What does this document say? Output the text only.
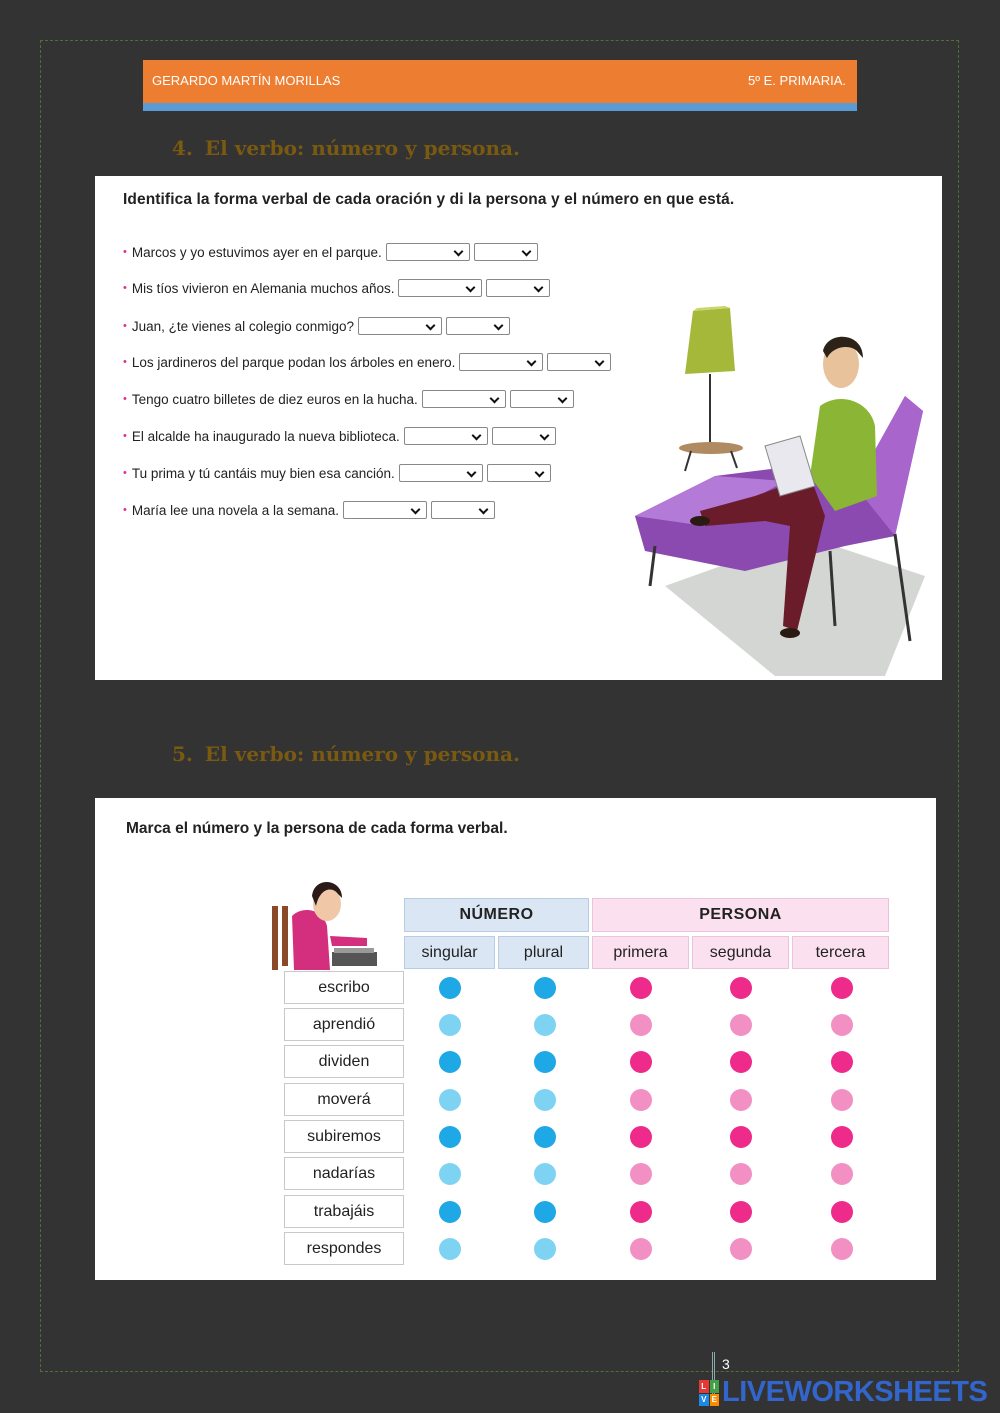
GERARDO MARTÍN MORILLAS	5º E. PRIMARIA.
4. El verbo: número y persona.
Identifica la forma verbal de cada oración y di la persona y el número en que está.
• Marcos y yo estuvimos ayer en el parque.
• Mis tíos vivieron en Alemania muchos años.
• Juan, ¿te vienes al colegio conmigo?
• Los jardineros del parque podan los árboles en enero.
• Tengo cuatro billetes de diez euros en la hucha.
• El alcalde ha inaugurado la nueva biblioteca.
• Tu prima y tú cantáis muy bien esa canción.
• María lee una novela a la semana.
5. El verbo: número y persona.
Marca el número y la persona de cada forma verbal.
NÚMERO	PERSONA
singular	plural	primera	segunda	tercera
escribo
aprendió
dividen
moverá
subiremos
nadarías
trabajáis
respondes
3
L I
V E LIVEWORKSHEETS
